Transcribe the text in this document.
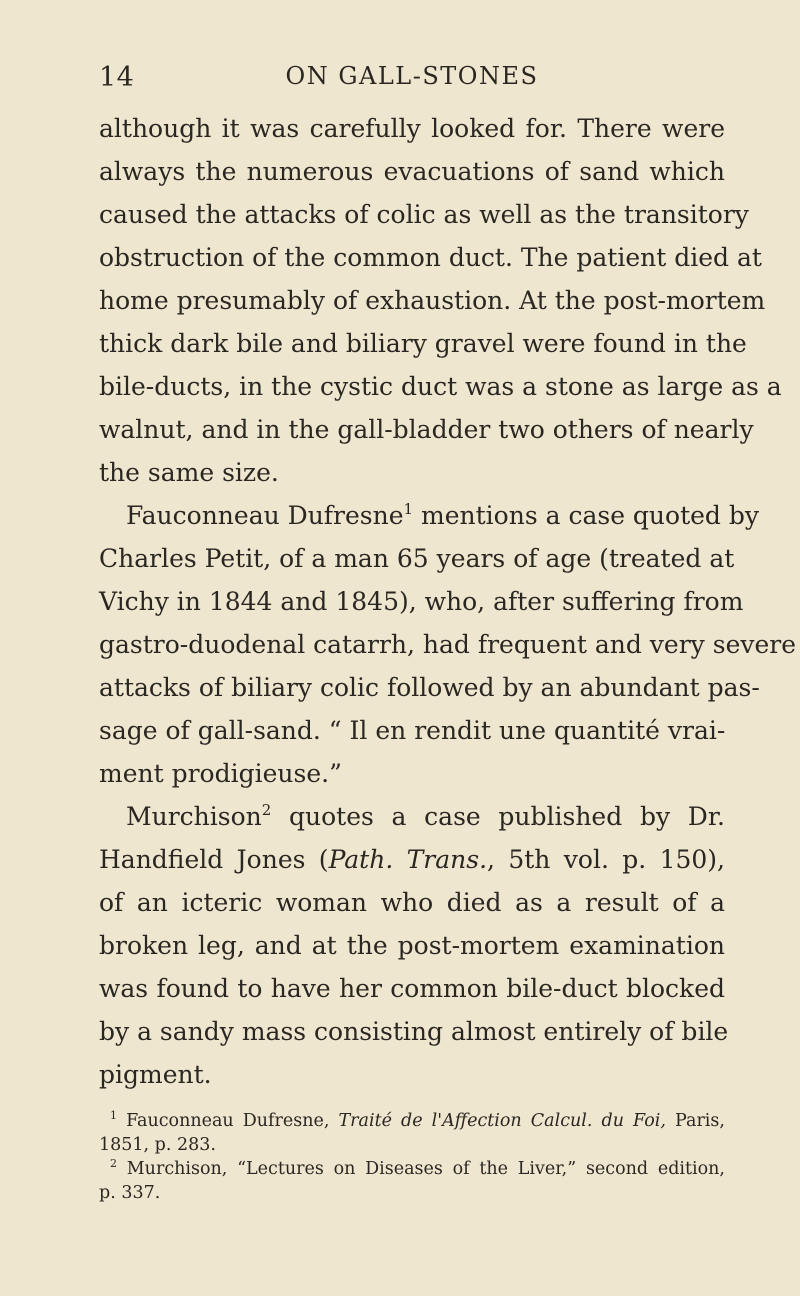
14	ON GALL-STONES
although it was carefully looked for. There were
always the numerous evacuations of sand which
caused the attacks of colic as well as the transitory
obstruction of the common duct. The patient died at
home presumably of exhaustion. At the post-mortem
thick dark bile and biliary gravel were found in the
bile-ducts, in the cystic duct was a stone as large as a
walnut, and in the gall-bladder two others of nearly
the same size.
Fauconneau Dufresne$^1$ mentions a case quoted by
Charles Petit, of a man 65 years of age (treated at
Vichy in 1844 and 1845), who, after suffering from
gastro-duodenal catarrh, had frequent and very severe
attacks of biliary colic followed by an abundant pas-
sage of gall-sand. “ Il en rendit une quantité vrai-
ment prodigieuse.”
Murchison$^2$ quotes a case published by Dr.
Handfield Jones (Path. Trans., 5th vol. p. 150),
of an icteric woman who died as a result of a
broken leg, and at the post-mortem examination
was found to have her common bile-duct blocked
by a sandy mass consisting almost entirely of bile
pigment.
$^1$ Fauconneau Dufresne, Traité de l'Affection Calcul. du Foi, Paris,
1851, p. 283.
$^2$ Murchison, “Lectures on Diseases of the Liver,” second edition,
p. 337.
